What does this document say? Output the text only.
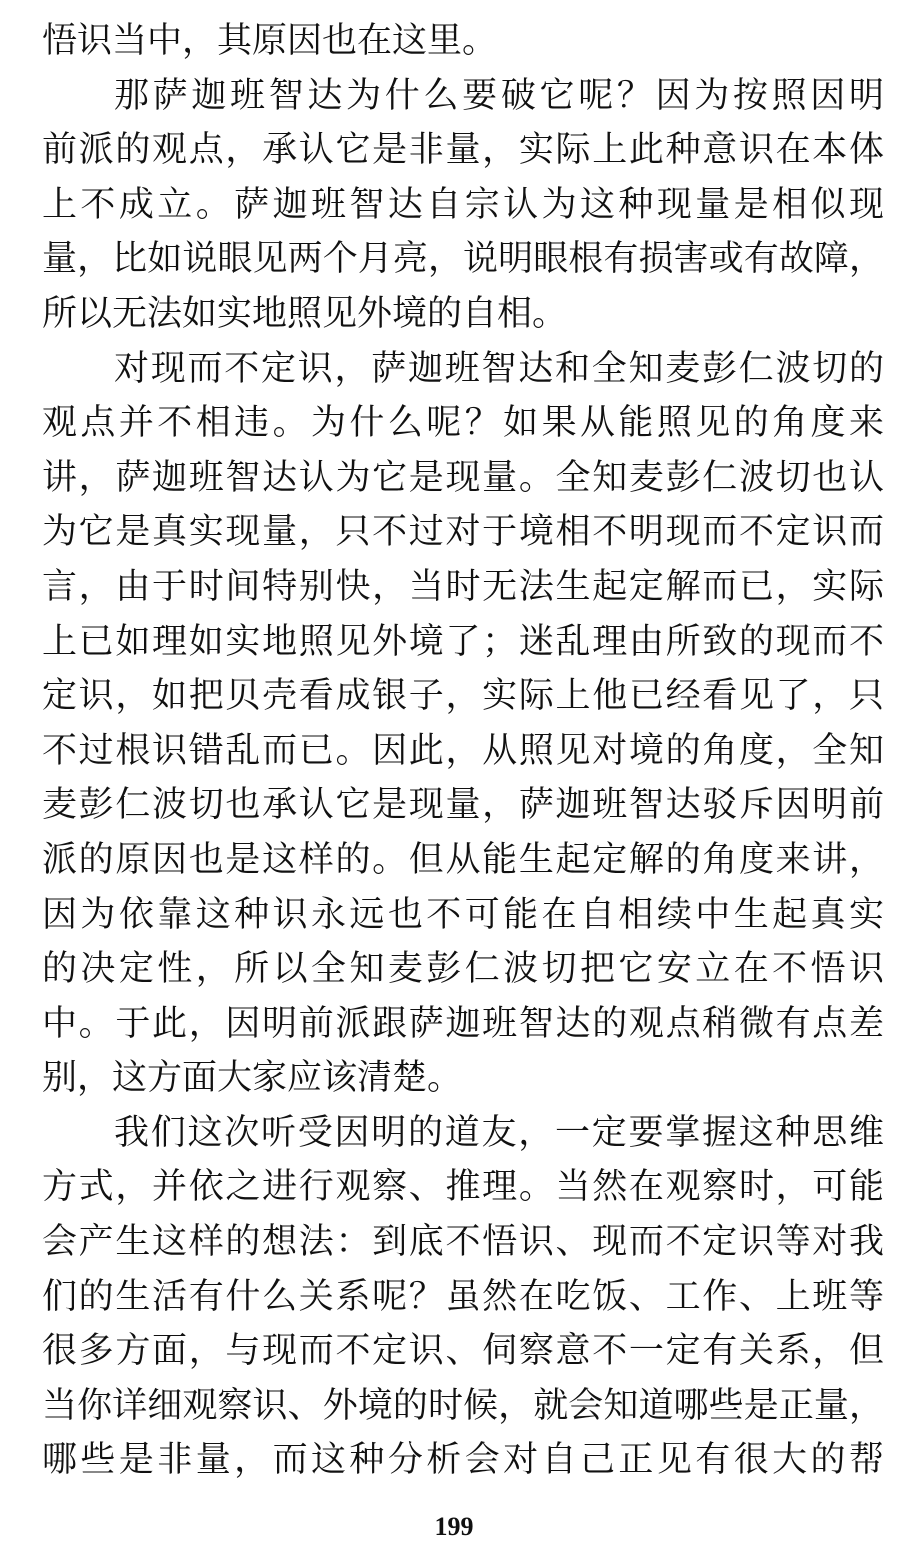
悟识当中，其原因也在这里。
那萨迦班智达为什么要破它呢？因为按照因明
前派的观点，承认它是非量，实际上此种意识在本体
上不成立。萨迦班智达自宗认为这种现量是相似现
量，比如说眼见两个月亮，说明眼根有损害或有故障，
所以无法如实地照见外境的自相。
对现而不定识，萨迦班智达和全知麦彭仁波切的
观点并不相违。为什么呢？如果从能照见的角度来
讲，萨迦班智达认为它是现量。全知麦彭仁波切也认
为它是真实现量，只不过对于境相不明现而不定识而
言，由于时间特别快，当时无法生起定解而已，实际
上已如理如实地照见外境了；迷乱理由所致的现而不
定识，如把贝壳看成银子，实际上他已经看见了，只
不过根识错乱而已。因此，从照见对境的角度，全知
麦彭仁波切也承认它是现量，萨迦班智达驳斥因明前
派的原因也是这样的。但从能生起定解的角度来讲，
因为依靠这种识永远也不可能在自相续中生起真实
的决定性，所以全知麦彭仁波切把它安立在不悟识
中。于此，因明前派跟萨迦班智达的观点稍微有点差
别，这方面大家应该清楚。
我们这次听受因明的道友，一定要掌握这种思维
方式，并依之进行观察、推理。当然在观察时，可能
会产生这样的想法：到底不悟识、现而不定识等对我
们的生活有什么关系呢？虽然在吃饭、工作、上班等
很多方面，与现而不定识、伺察意不一定有关系，但
当你详细观察识、外境的时候，就会知道哪些是正量，
哪些是非量，而这种分析会对自己正见有很大的帮
199
